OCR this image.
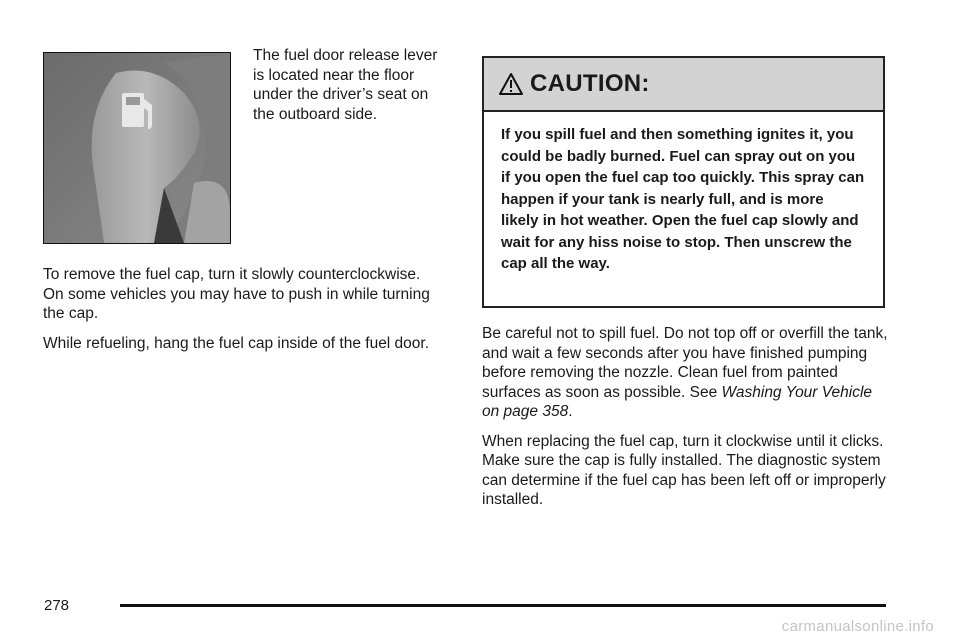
The fuel door release lever is located near the floor under the driver’s seat on the outboard side.

To remove the fuel cap, turn it slowly counterclockwise. On some vehicles you may have to push in while turning the cap.

While refueling, hang the fuel cap inside of the fuel door.

CAUTION:
If you spill fuel and then something ignites it, you could be badly burned. Fuel can spray out on you if you open the fuel cap too quickly. This spray can happen if your tank is nearly full, and is more likely in hot weather. Open the fuel cap slowly and wait for any hiss noise to stop. Then unscrew the cap all the way.

Be careful not to spill fuel. Do not top off or overfill the tank, and wait a few seconds after you have finished pumping before removing the nozzle. Clean fuel from painted surfaces as soon as possible. See Washing Your Vehicle on page 358.

When replacing the fuel cap, turn it clockwise until it clicks. Make sure the cap is fully installed. The diagnostic system can determine if the fuel cap has been left off or improperly installed.

278
carmanualsonline.info
